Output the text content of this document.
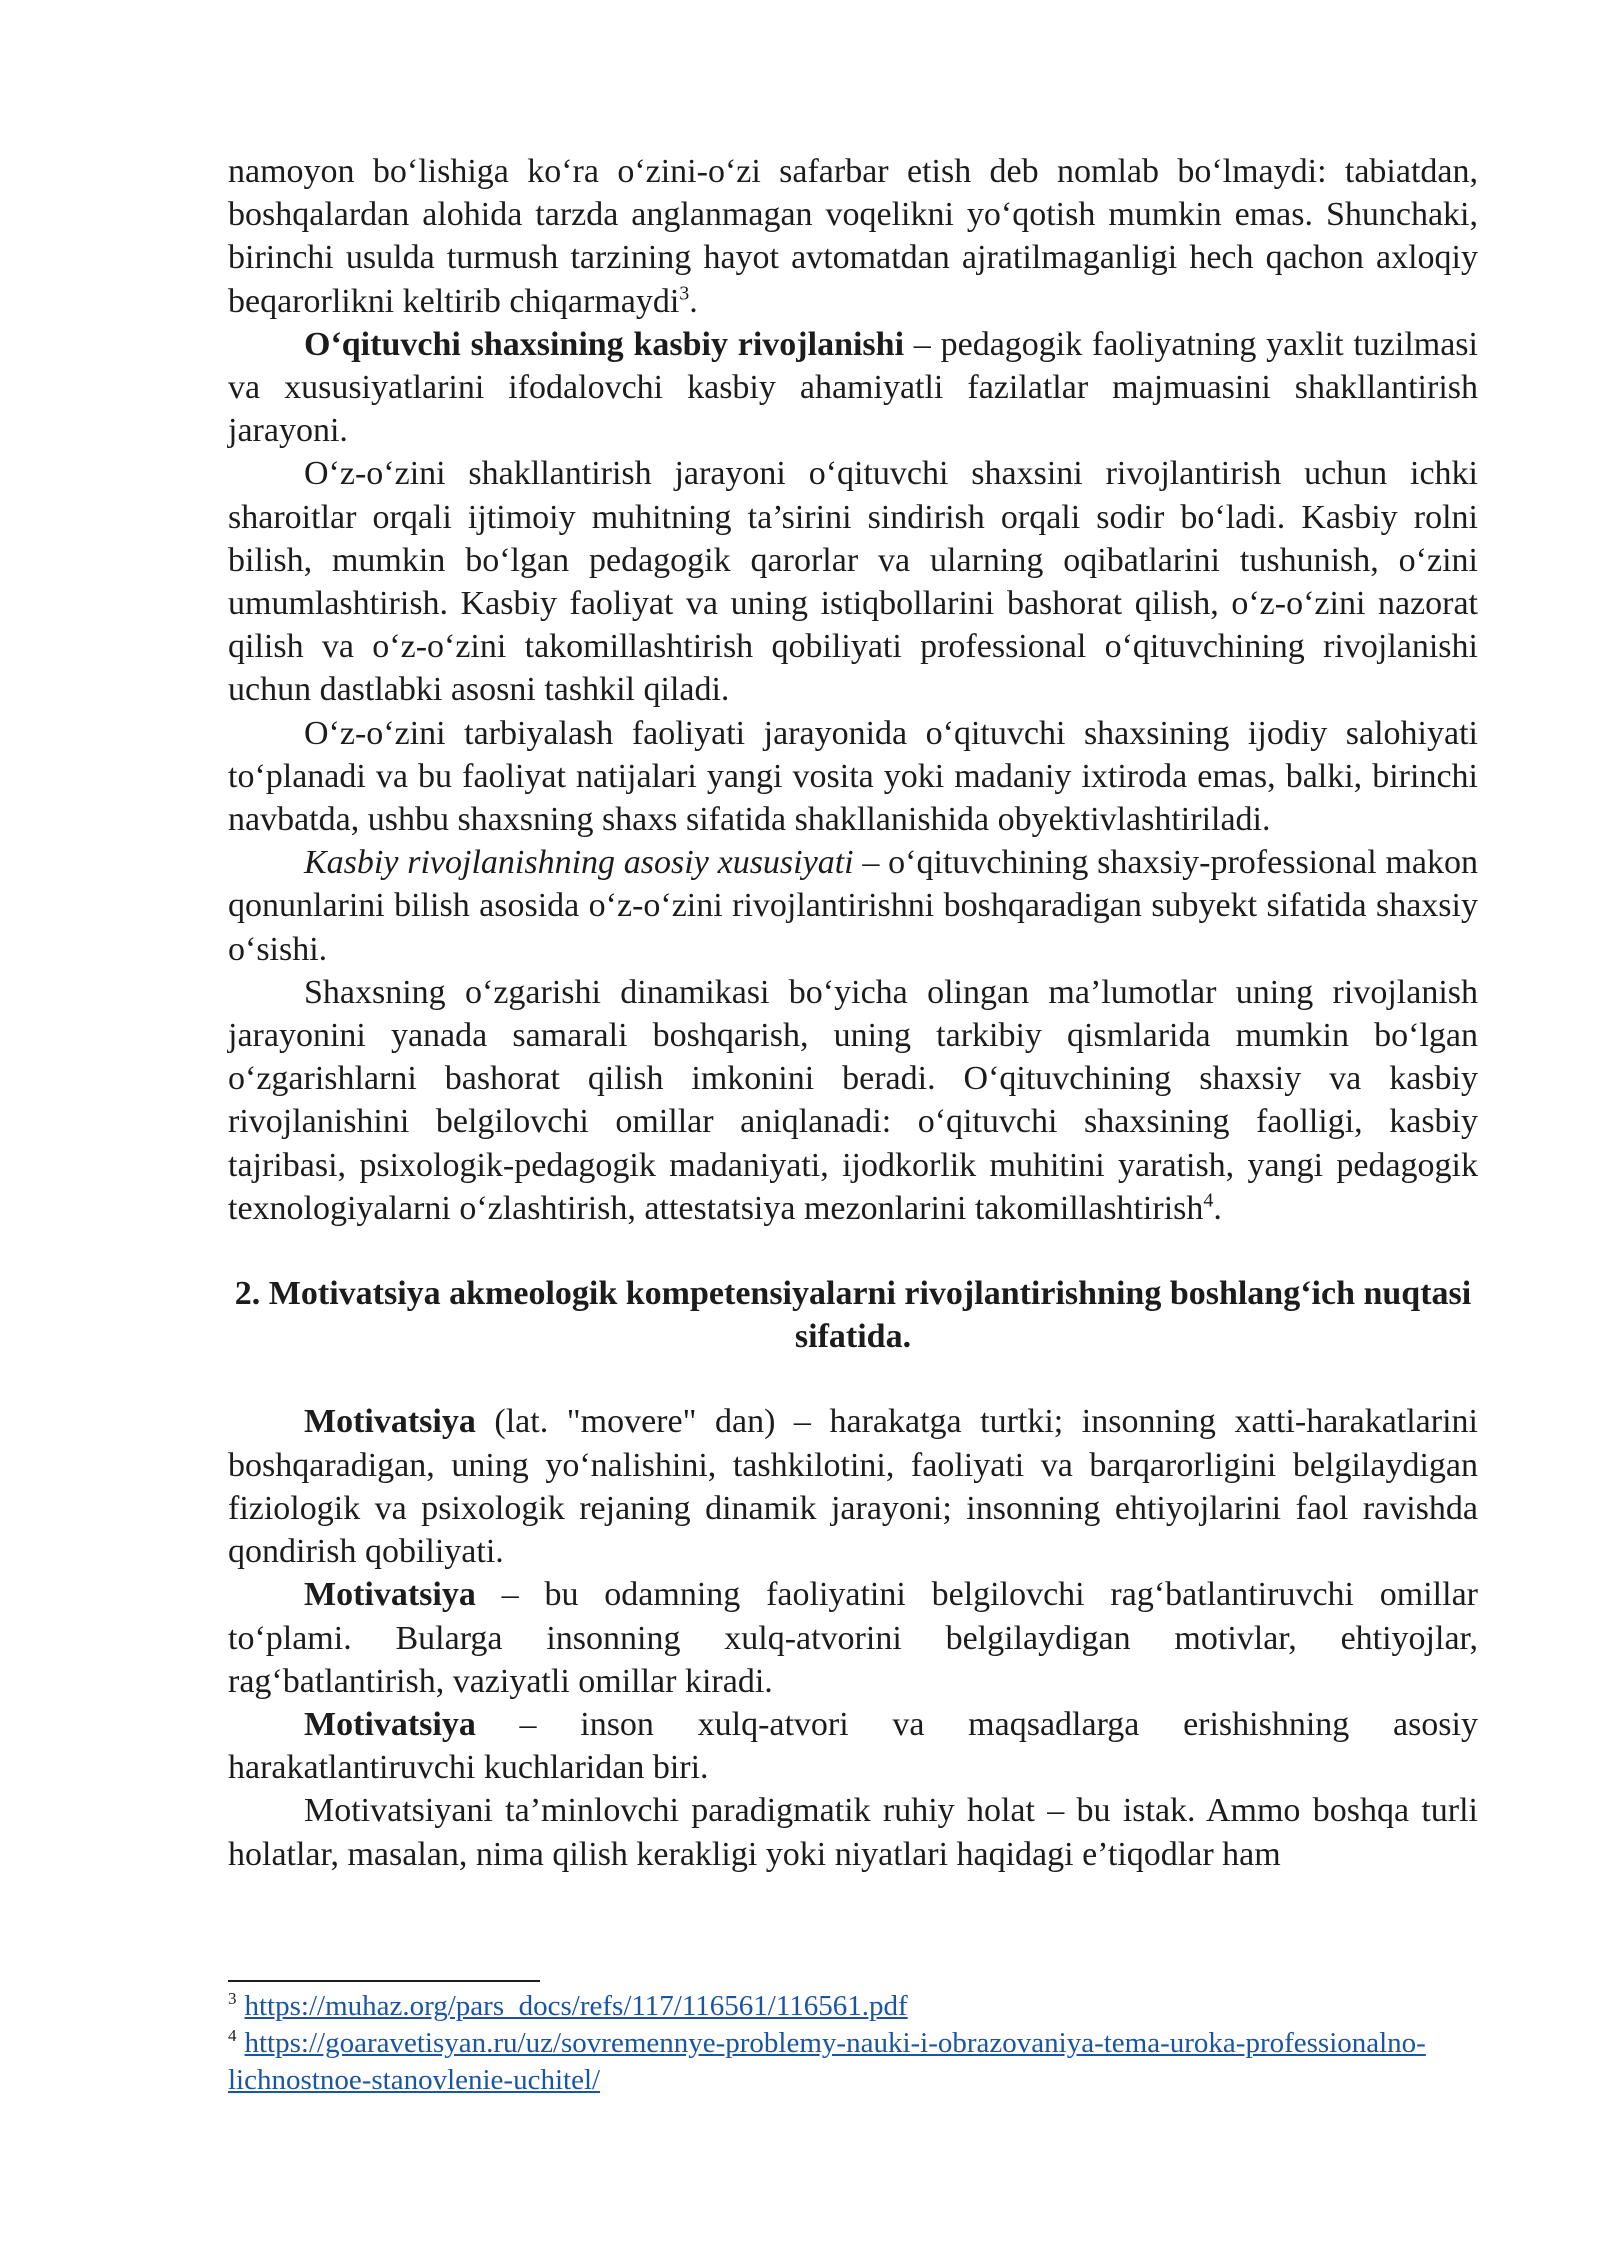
namoyon bo‘lishiga ko‘ra o‘zini-o‘zi safarbar etish deb nomlab bo‘lmaydi: tabiatdan, boshqalardan alohida tarzda anglanmagan voqelikni yo‘qotish mumkin emas. Shunchaki, birinchi usulda turmush tarzining hayot avtomatdan ajratilmaganligi hech qachon axloqiy beqarorlikni keltirib chiqarmaydi$^3$.

O‘qituvchi shaxsining kasbiy rivojlanishi – pedagogik faoliyatning yaxlit tuzilmasi va xususiyatlarini ifodalovchi kasbiy ahamiyatli fazilatlar majmuasini shakllantirish jarayoni.

O‘z-o‘zini shakllantirish jarayoni o‘qituvchi shaxsini rivojlantirish uchun ichki sharoitlar orqali ijtimoiy muhitning ta’sirini sindirish orqali sodir bo‘ladi. Kasbiy rolni bilish, mumkin bo‘lgan pedagogik qarorlar va ularning oqibatlarini tushunish, o‘zini umumlashtirish. Kasbiy faoliyat va uning istiqbollarini bashorat qilish, o‘z-o‘zini nazorat qilish va o‘z-o‘zini takomillashtirish qobiliyati professional o‘qituvchining rivojlanishi uchun dastlabki asosni tashkil qiladi.

O‘z-o‘zini tarbiyalash faoliyati jarayonida o‘qituvchi shaxsining ijodiy salohiyati to‘planadi va bu faoliyat natijalari yangi vosita yoki madaniy ixtiroda emas, balki, birinchi navbatda, ushbu shaxsning shaxs sifatida shakllanishida obyektivlashtiriladi.

Kasbiy rivojlanishning asosiy xususiyati – o‘qituvchining shaxsiy-professional makon qonunlarini bilish asosida o‘z-o‘zini rivojlantirishni boshqaradigan subyekt sifatida shaxsiy o‘sishi.

Shaxsning o‘zgarishi dinamikasi bo‘yicha olingan ma’lumotlar uning rivojlanish jarayonini yanada samarali boshqarish, uning tarkibiy qismlarida mumkin bo‘lgan o‘zgarishlarni bashorat qilish imkonini beradi. O‘qituvchining shaxsiy va kasbiy rivojlanishini belgilovchi omillar aniqlanadi: o‘qituvchi shaxsining faolligi, kasbiy tajribasi, psixologik-pedagogik madaniyati, ijodkorlik muhitini yaratish, yangi pedagogik texnologiyalarni o‘zlashtirish, attestatsiya mezonlarini takomillashtirish$^4$.

2. Motivatsiya akmeologik kompetensiyalarni rivojlantirishning boshlang‘ich nuqtasi sifatida.

Motivatsiya (lat. "movere" dan) – harakatga turtki; insonning xatti-harakatlarini boshqaradigan, uning yo‘nalishini, tashkilotini, faoliyati va barqarorligini belgilaydigan fiziologik va psixologik rejaning dinamik jarayoni; insonning ehtiyojlarini faol ravishda qondirish qobiliyati.

Motivatsiya – bu odamning faoliyatini belgilovchi rag‘batlantiruvchi omillar to‘plami. Bularga insonning xulq-atvorini belgilaydigan motivlar, ehtiyojlar, rag‘batlantirish, vaziyatli omillar kiradi.

Motivatsiya – inson xulq-atvori va maqsadlarga erishishning asosiy harakatlantiruvchi kuchlaridan biri.

Motivatsiyani ta’minlovchi paradigmatik ruhiy holat – bu istak. Ammo boshqa turli holatlar, masalan, nima qilish kerakligi yoki niyatlari haqidagi e’tiqodlar ham

$^3$ https://muhaz.org/pars_docs/refs/117/116561/116561.pdf

$^4$ https://goaravetisyan.ru/uz/sovremennye-problemy-nauki-i-obrazovaniya-tema-uroka-professionalno-lichnostnoe-stanovlenie-uchitel/
